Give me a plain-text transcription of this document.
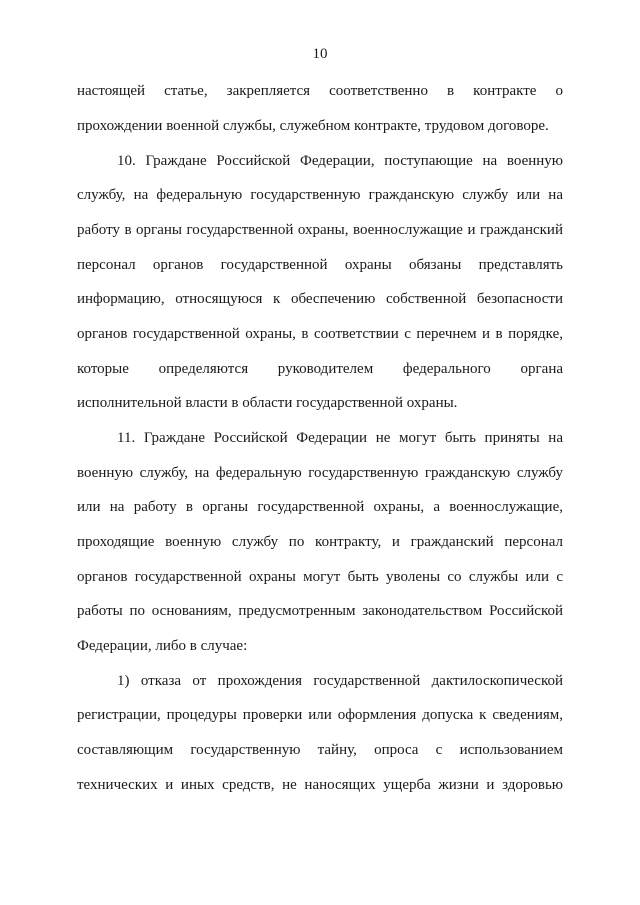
10
настоящей статье, закрепляется соответственно в контракте о
прохождении военной службы, служебном контракте, трудовом договоре.
10. Граждане Российской Федерации, поступающие на военную
службу, на федеральную государственную гражданскую службу или на
работу в органы государственной охраны, военнослужащие и гражданский
персонал органов государственной охраны обязаны представлять
информацию, относящуюся к обеспечению собственной безопасности
органов государственной охраны, в соответствии с перечнем и в порядке,
которые определяются руководителем федерального органа
исполнительной власти в области государственной охраны.
11. Граждане Российской Федерации не могут быть приняты на
военную службу, на федеральную государственную гражданскую службу
или на работу в органы государственной охраны, а военнослужащие,
проходящие военную службу по контракту, и гражданский персонал
органов государственной охраны могут быть уволены со службы или с
работы по основаниям, предусмотренным законодательством Российской
Федерации, либо в случае:
1) отказа от прохождения государственной дактилоскопической
регистрации, процедуры проверки или оформления допуска к сведениям,
составляющим государственную тайну, опроса с использованием
технических и иных средств, не наносящих ущерба жизни и здоровью
